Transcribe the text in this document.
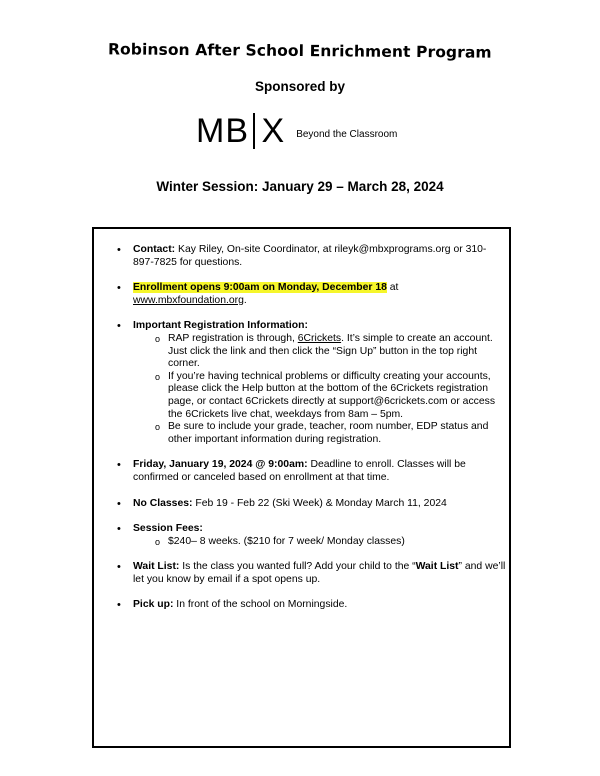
Robinson After School Enrichment Program
Sponsored by
MB X Beyond the Classroom
Winter Session: January 29 – March 28, 2024
• Contact: Kay Riley, On-site Coordinator, at rileyk@mbxprograms.org or 310- 897-7825 for questions.
• Enrollment opens 9:00am on Monday, December 18 at www.mbxfoundation.org.
• Important Registration Information:
o RAP registration is through, 6Crickets. It’s simple to create an account. Just click the link and then click the “Sign Up” button in the top right corner.
o If you’re having technical problems or difficulty creating your accounts, please click the Help button at the bottom of the 6Crickets registration page, or contact 6Crickets directly at support@6crickets.com or access the 6Crickets live chat, weekdays from 8am – 5pm.
o Be sure to include your grade, teacher, room number, EDP status and other important information during registration.
• Friday, January 19, 2024 @ 9:00am: Deadline to enroll. Classes will be confirmed or canceled based on enrollment at that time.
• No Classes: Feb 19 - Feb 22 (Ski Week) & Monday March 11, 2024
• Session Fees:
o $240– 8 weeks. ($210 for 7 week/ Monday classes)
• Wait List: Is the class you wanted full? Add your child to the “Wait List” and we’ll let you know by email if a spot opens up.
• Pick up: In front of the school on Morningside.
